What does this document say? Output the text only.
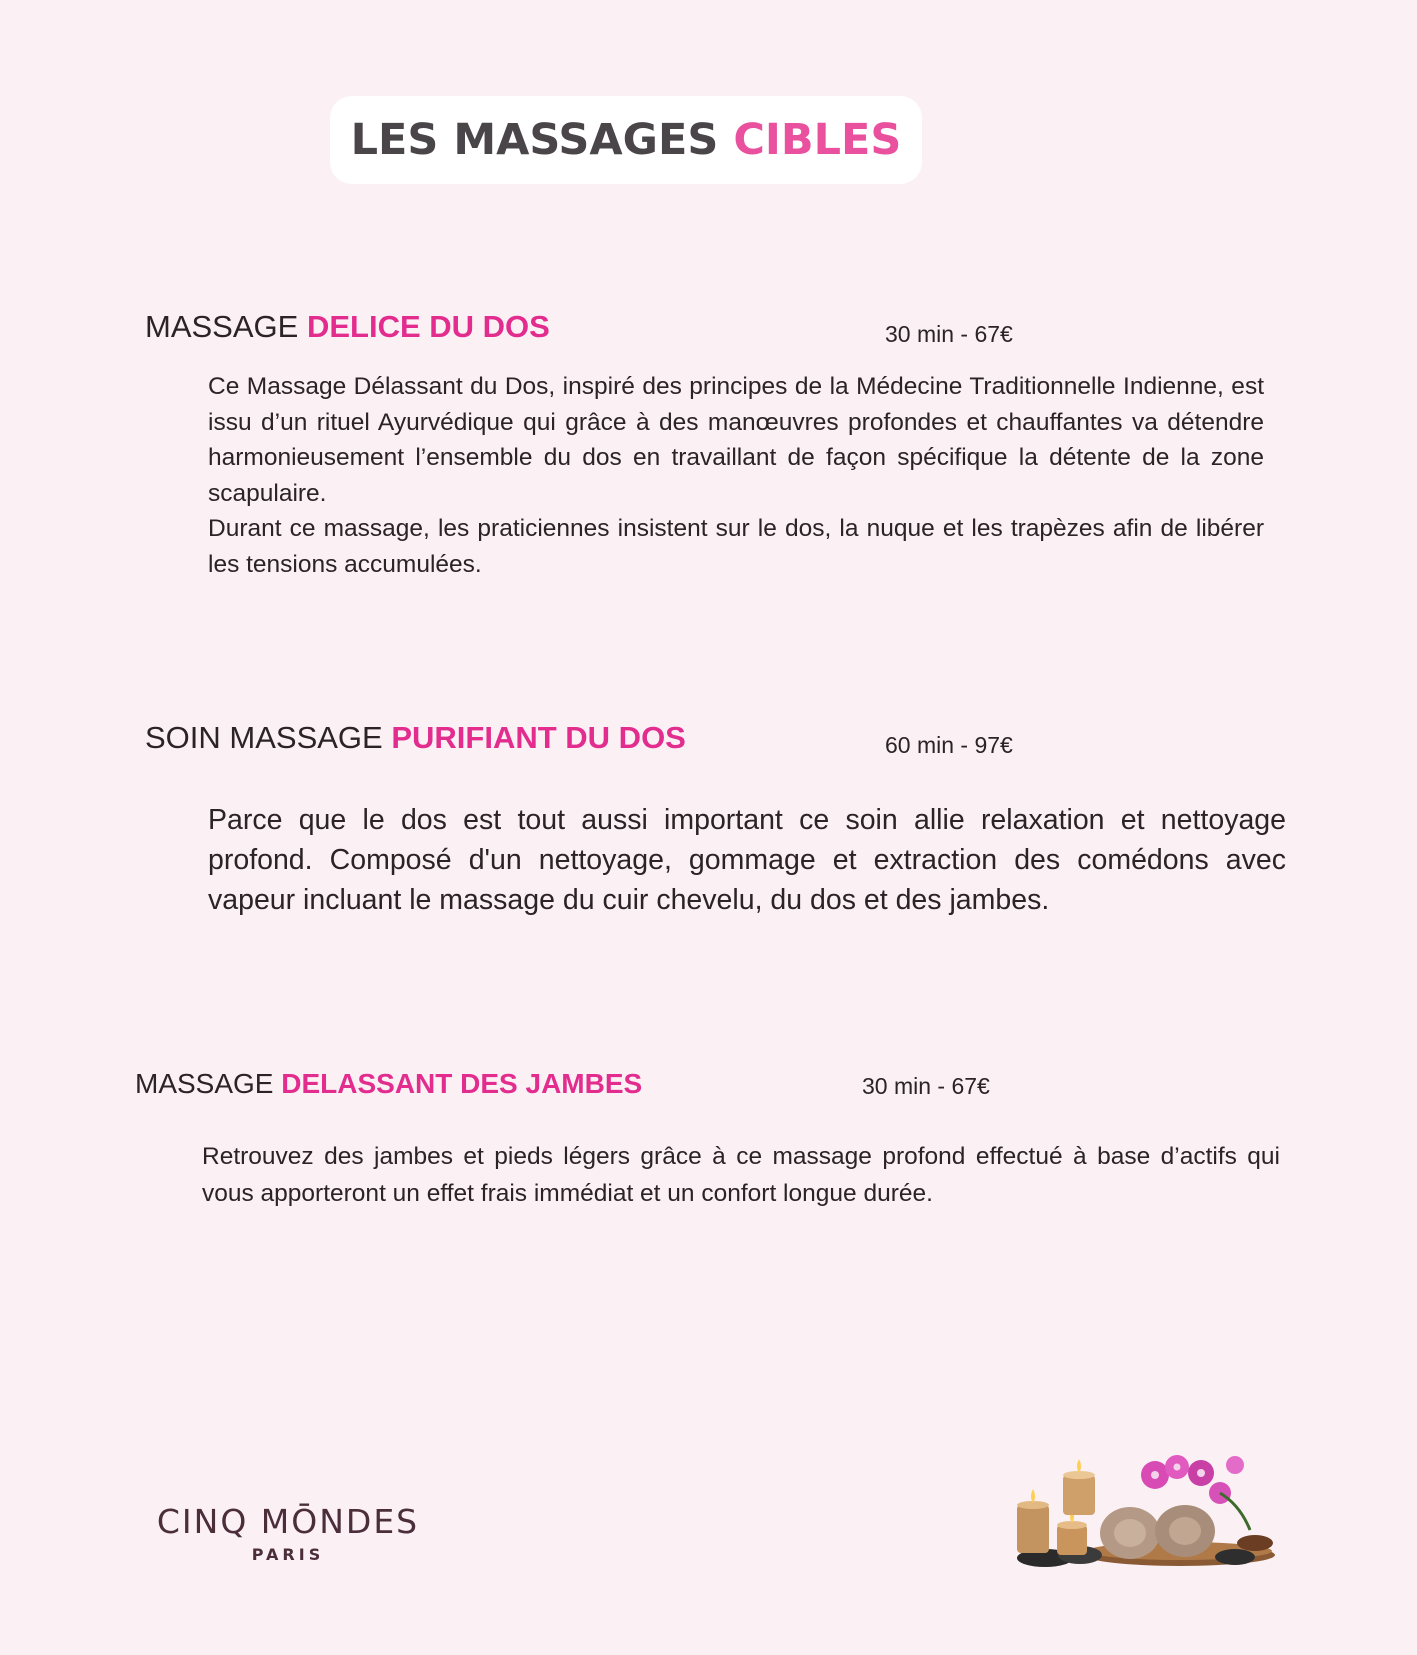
LES MASSAGES CIBLES
MASSAGE DELICE DU DOS	30 min - 67€

Ce Massage Délassant du Dos, inspiré des principes de la Médecine Traditionnelle Indienne, est issu d’un rituel Ayurvédique qui grâce à des manœuvres profondes et chauffantes va détendre harmonieusement l’ensemble du dos en travaillant de façon spécifique la détente de la zone scapulaire.

Durant ce massage, les praticiennes insistent sur le dos, la nuque et les trapèzes afin de libérer les tensions accumulées.

SOIN MASSAGE PURIFIANT DU DOS	60 min - 97€

Parce que le dos est tout aussi important ce soin allie relaxation et nettoyage profond. Composé d'un nettoyage, gommage et extraction des comédons avec vapeur incluant le massage du cuir chevelu, du dos et des jambes.

MASSAGE DELASSANT DES JAMBES	30 min - 67€

Retrouvez des jambes et pieds légers grâce à ce massage profond effectué à base d’actifs qui vous apporteront un effet frais immédiat et un confort longue durée.

CINQ MŌNDES
PARIS
